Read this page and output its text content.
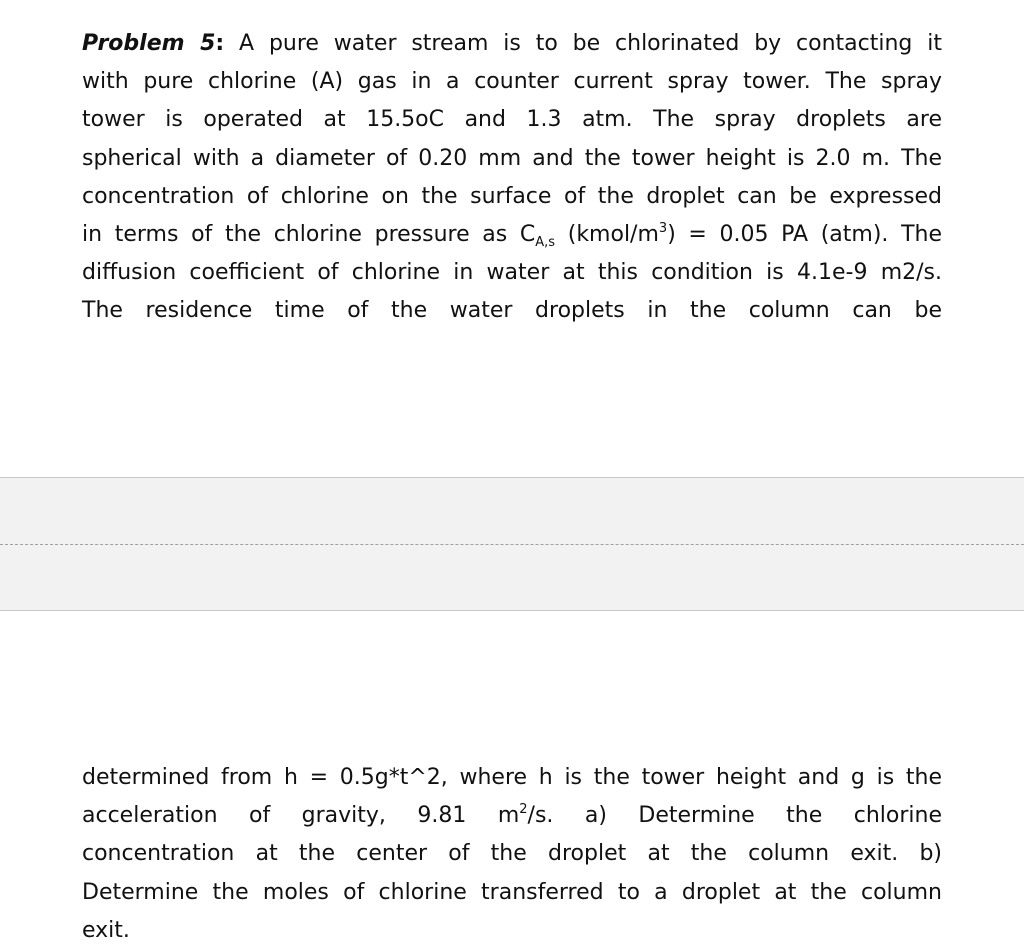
Problem 5: A pure water stream is to be chlorinated by contacting it
with pure chlorine (A) gas in a counter current spray tower. The spray
tower is operated at 15.5oC and 1.3 atm. The spray droplets are
spherical with a diameter of 0.20 mm and the tower height is 2.0 m. The
concentration of chlorine on the surface of the droplet can be expressed
in terms of the chlorine pressure as $C_{A,s}$ $(kmol/m^3) = 0.05$ PA (atm). The
diffusion coefficient of chlorine in water at this condition is 4.1e-9 m2/s.
The residence time of the water droplets in the column can be
determined from h = 0.5g*t^2, where h is the tower height and g is the
acceleration of gravity, 9.81 $m^2/s$. a) Determine the chlorine
concentration at the center of the droplet at the column exit. b)
Determine the moles of chlorine transferred to a droplet at the column
exit.
